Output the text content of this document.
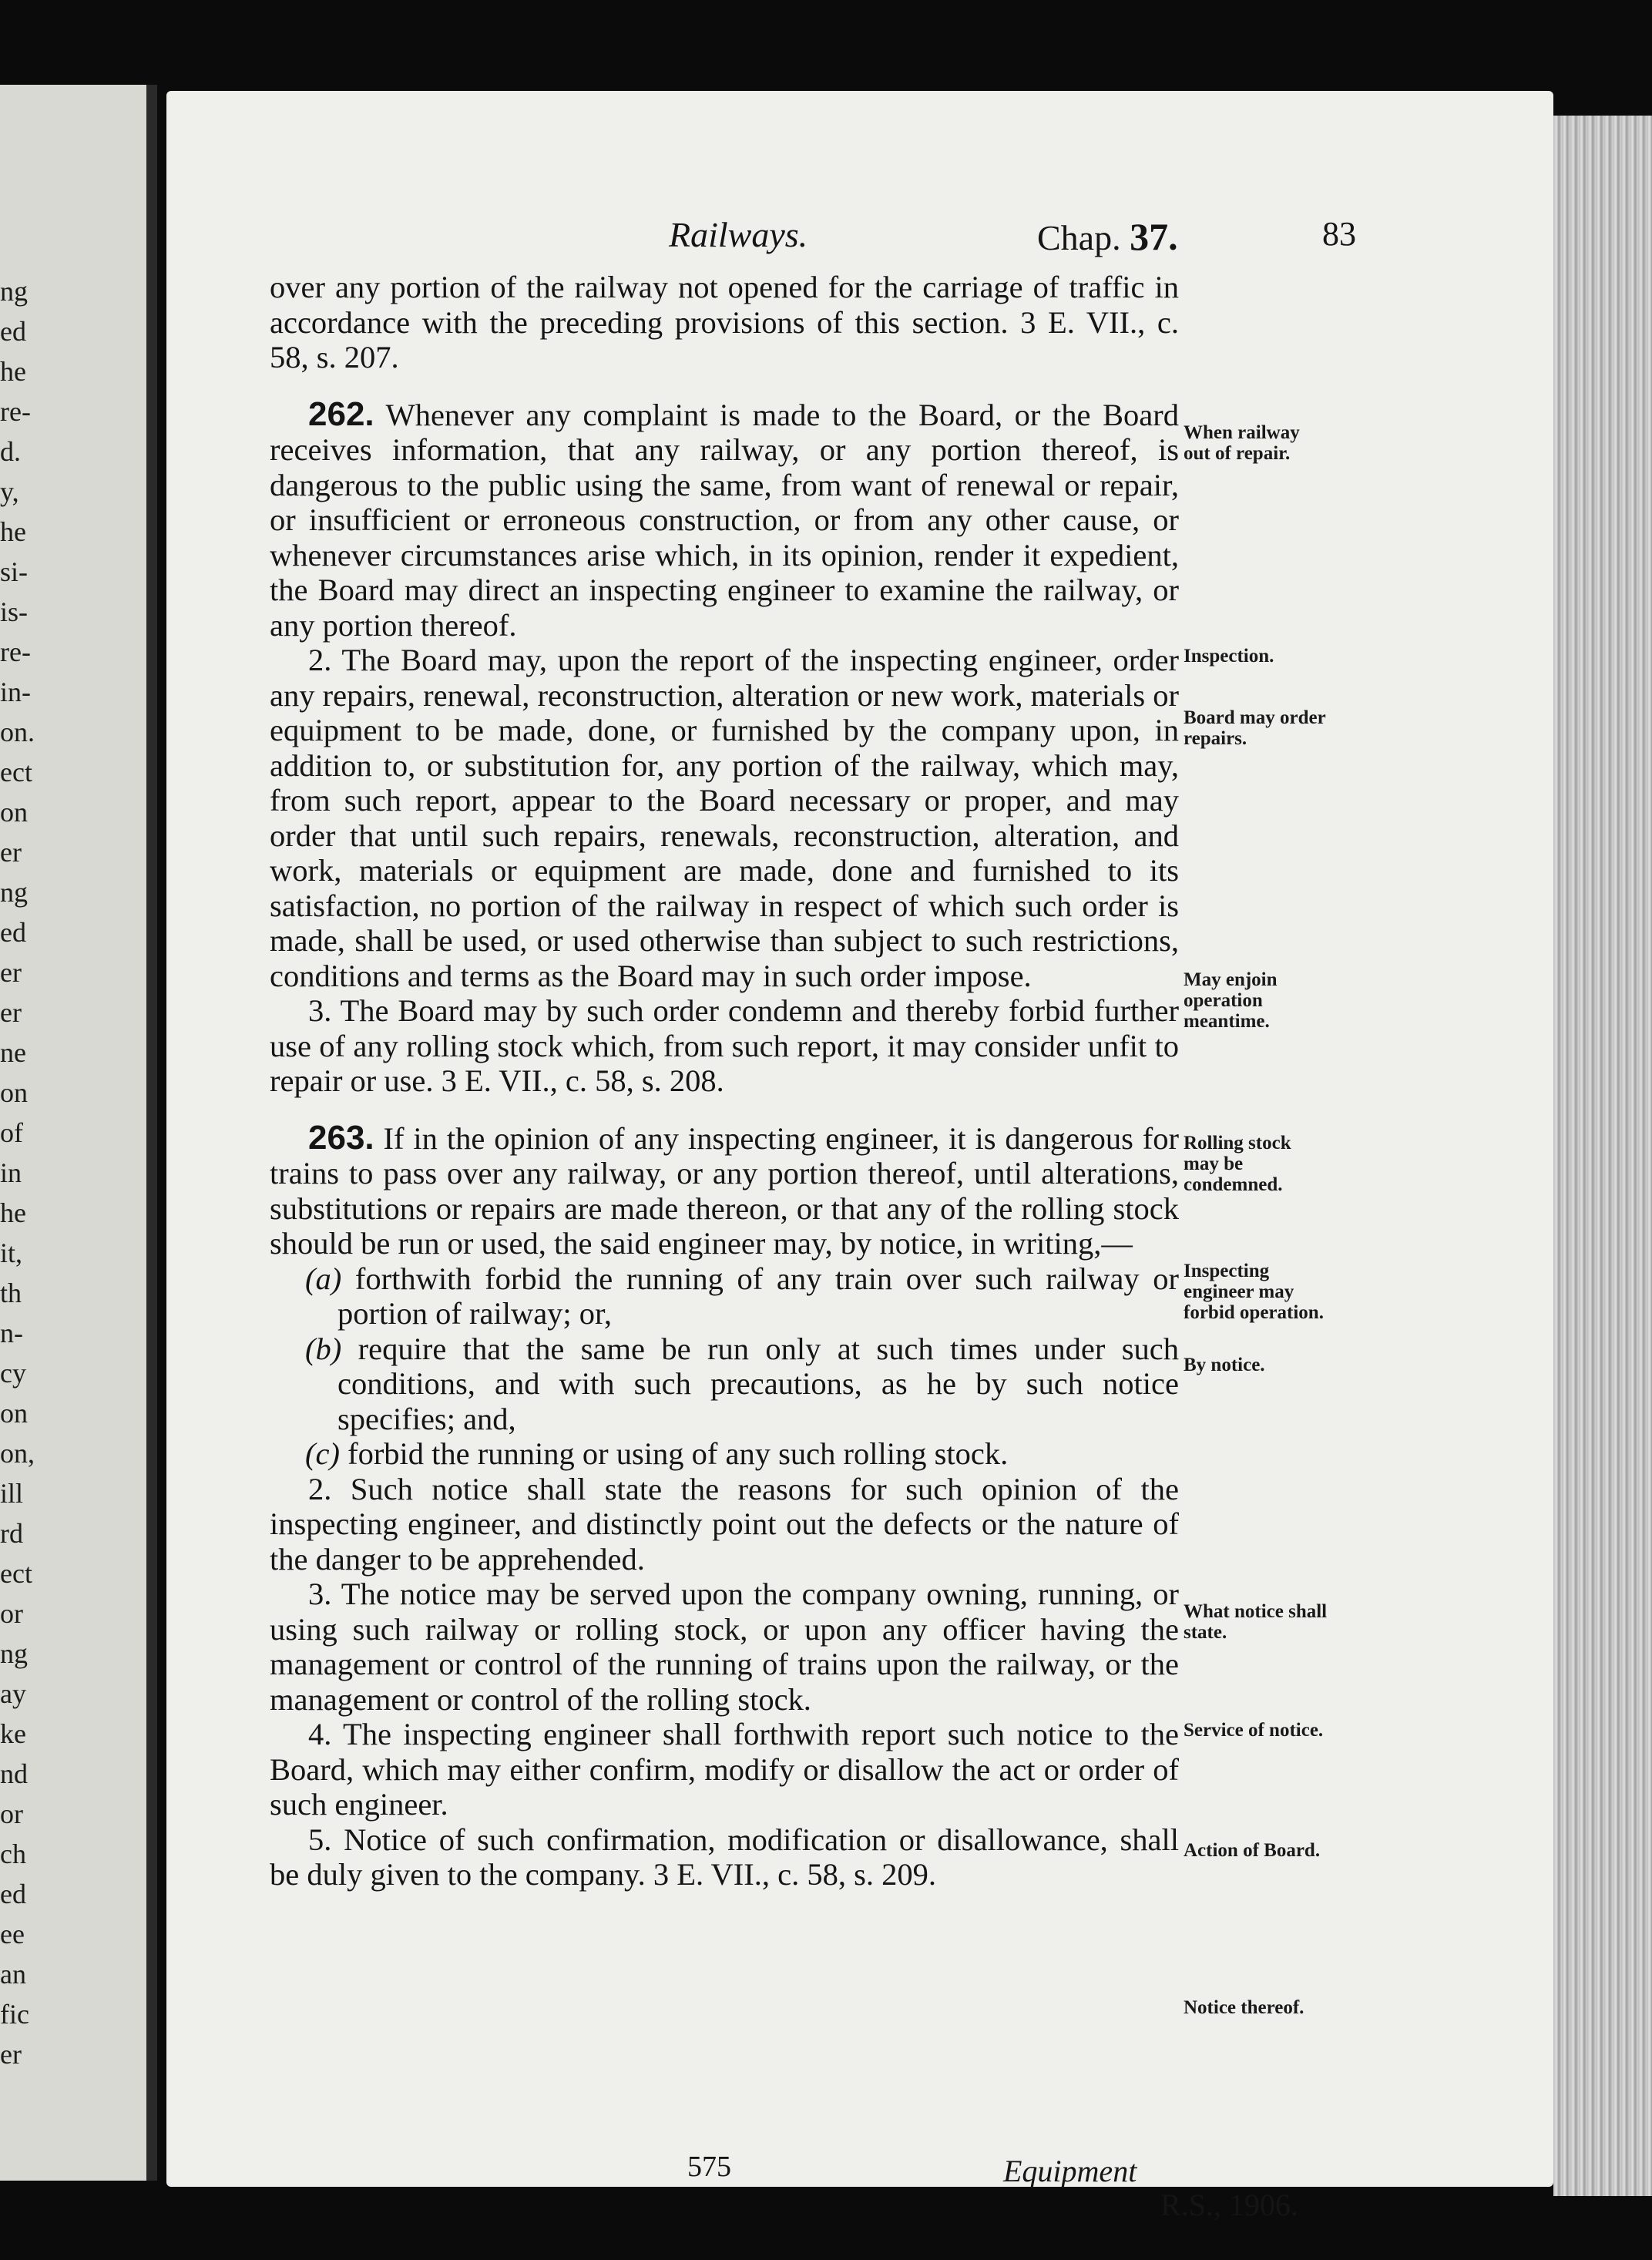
ng
ed
he
re-
d.
y,
he
si-
is-
re-
in-
on.
ect
on
er
ng
ed
er
er
ne
on
of
in
he
it,
th
n-
cy
on
on,
ill
rd
ect
or
ng
ay
ke
nd
or
ch
ed
ee
an
fic
er
Railways.	Chap. 37.	83

over any portion of the railway not opened for the carriage of traffic in accordance with the preceding provisions of this section. 3 E. VII., c. 58, s. 207.

262. Whenever any complaint is made to the Board, or the Board receives information, that any railway, or any portion thereof, is dangerous to the public using the same, from want of renewal or repair, or insufficient or erroneous construction, or from any other cause, or whenever circumstances arise which, in its opinion, render it expedient, the Board may direct an inspecting engineer to examine the railway, or any portion thereof.

2. The Board may, upon the report of the inspecting engineer, order any repairs, renewal, reconstruction, alteration or new work, materials or equipment to be made, done, or furnished by the company upon, in addition to, or substitution for, any portion of the railway, which may, from such report, appear to the Board necessary or proper, and may order that until such repairs, renewals, reconstruction, alteration, and work, materials or equipment are made, done and furnished to its satisfaction, no portion of the railway in respect of which such order is made, shall be used, or used otherwise than subject to such restrictions, conditions and terms as the Board may in such order impose.

3. The Board may by such order condemn and thereby forbid further use of any rolling stock which, from such report, it may consider unfit to repair or use. 3 E. VII., c. 58, s. 208.

263. If in the opinion of any inspecting engineer, it is dangerous for trains to pass over any railway, or any portion thereof, until alterations, substitutions or repairs are made thereon, or that any of the rolling stock should be run or used, the said engineer may, by notice, in writing,—

(a) forthwith forbid the running of any train over such railway or portion of railway; or,

(b) require that the same be run only at such times under such conditions, and with such precautions, as he by such notice specifies; and,

(c) forbid the running or using of any such rolling stock.

2. Such notice shall state the reasons for such opinion of the inspecting engineer, and distinctly point out the defects or the nature of the danger to be apprehended.

3. The notice may be served upon the company owning, running, or using such railway or rolling stock, or upon any officer having the management or control of the running of trains upon the railway, or the management or control of the rolling stock.

4. The inspecting engineer shall forthwith report such notice to the Board, which may either confirm, modify or disallow the act or order of such engineer.

5. Notice of such confirmation, modification or disallowance, shall be duly given to the company. 3 E. VII., c. 58, s. 209.

When railway out of repair.
Inspection.
Board may order repairs.
May enjoin operation meantime.
Rolling stock may be condemned.
Inspecting engineer may forbid operation.
By notice.
What notice shall state.
Service of notice.
Action of Board.
Notice thereof.
575	Equipment
R.S., 1906.
